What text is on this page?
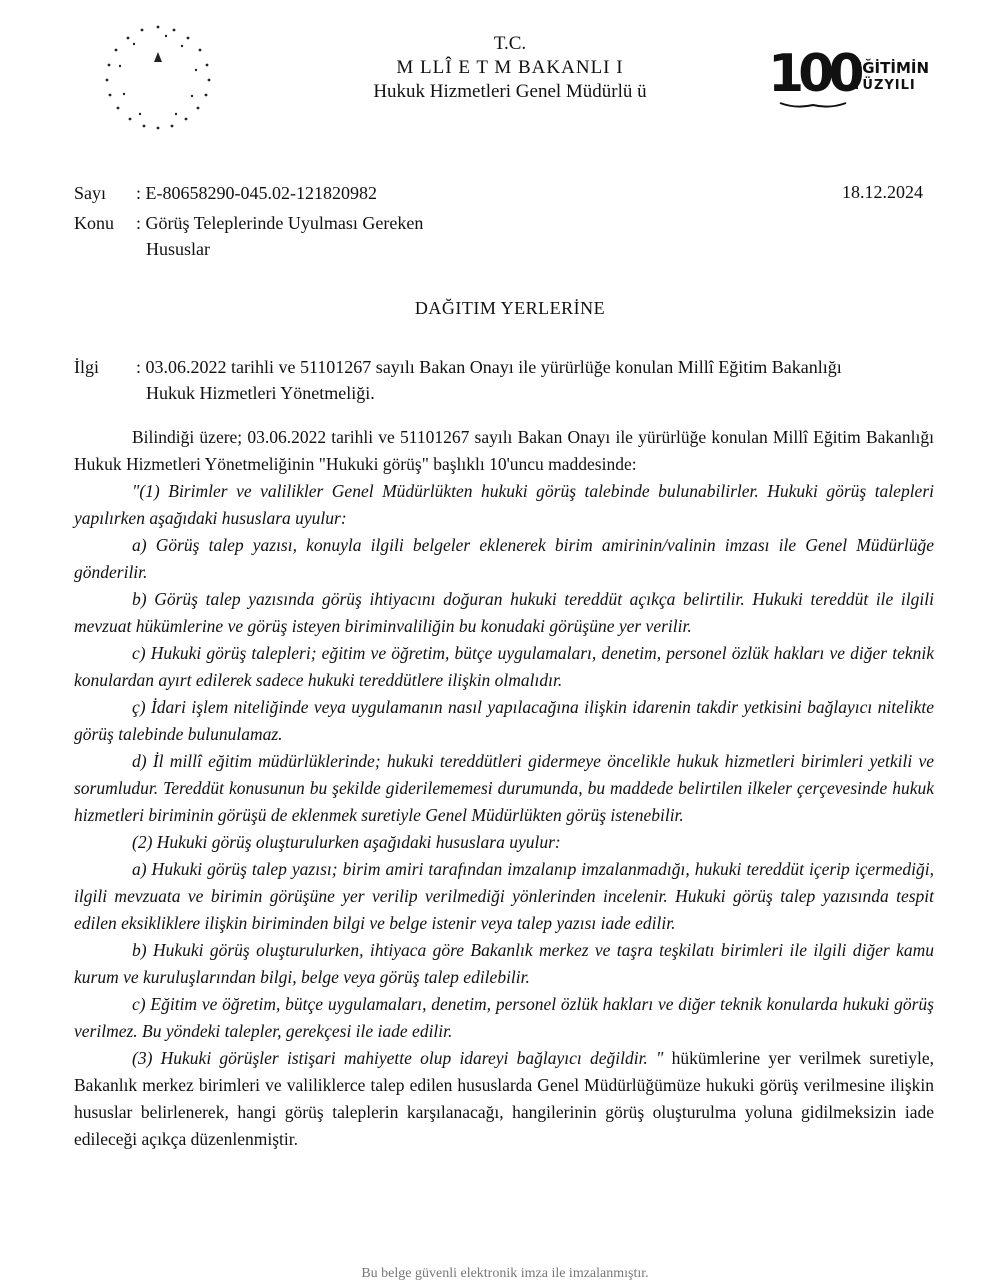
T.C.
M LLÎ E T M BAKANLI I
Hukuk Hizmetleri Genel Müdürlü ü	100
EĞİTİMİN
YÜZYILI
Sayı : E-80658290-045.02-121820982	18.12.2024
Konu : Görüş Teleplerinde Uyulması Gereken
Hususlar
DAĞITIM YERLERİNE
İlgi : 03.06.2022 tarihli ve 51101267 sayılı Bakan Onayı ile yürürlüğe konulan Millî Eğitim Bakanlığı
Hukuk Hizmetleri Yönetmeliği.

Bilindiği üzere; 03.06.2022 tarihli ve 51101267 sayılı Bakan Onayı ile yürürlüğe konulan Millî Eğitim Bakanlığı Hukuk Hizmetleri Yönetmeliğinin "Hukuki görüş" başlıklı 10'uncu maddesinde:

"(1) Birimler ve valilikler Genel Müdürlükten hukuki görüş talebinde bulunabilirler. Hukuki görüş talepleri yapılırken aşağıdaki hususlara uyulur:

a) Görüş talep yazısı, konuyla ilgili belgeler eklenerek birim amirinin/valinin imzası ile Genel Müdürlüğe gönderilir.

b) Görüş talep yazısında görüş ihtiyacını doğuran hukuki tereddüt açıkça belirtilir. Hukuki tereddüt ile ilgili mevzuat hükümlerine ve görüş isteyen biriminvaliliğin bu konudaki görüşüne yer verilir.

c) Hukuki görüş talepleri; eğitim ve öğretim, bütçe uygulamaları, denetim, personel özlük hakları ve diğer teknik konulardan ayırt edilerek sadece hukuki tereddütlere ilişkin olmalıdır.

ç) İdari işlem niteliğinde veya uygulamanın nasıl yapılacağına ilişkin idarenin takdir yetkisini bağlayıcı nitelikte görüş talebinde bulunulamaz.

d) İl millî eğitim müdürlüklerinde; hukuki tereddütleri gidermeye öncelikle hukuk hizmetleri birimleri yetkili ve sorumludur. Tereddüt konusunun bu şekilde giderilememesi durumunda, bu maddede belirtilen ilkeler çerçevesinde hukuk hizmetleri biriminin görüşü de eklenmek suretiyle Genel Müdürlükten görüş istenebilir.

(2) Hukuki görüş oluşturulurken aşağıdaki hususlara uyulur:

a) Hukuki görüş talep yazısı; birim amiri tarafından imzalanıp imzalanmadığı, hukuki tereddüt içerip içermediği, ilgili mevzuata ve birimin görüşüne yer verilip verilmediği yönlerinden incelenir. Hukuki görüş talep yazısında tespit edilen eksikliklere ilişkin biriminden bilgi ve belge istenir veya talep yazısı iade edilir.

b) Hukuki görüş oluşturulurken, ihtiyaca göre Bakanlık merkez ve taşra teşkilatı birimleri ile ilgili diğer kamu kurum ve kuruluşlarından bilgi, belge veya görüş talep edilebilir.

c) Eğitim ve öğretim, bütçe uygulamaları, denetim, personel özlük hakları ve diğer teknik konularda hukuki görüş verilmez. Bu yöndeki talepler, gerekçesi ile iade edilir.

(3) Hukuki görüşler istişari mahiyette olup idareyi bağlayıcı değildir. " hükümlerine yer verilmek suretiyle, Bakanlık merkez birimleri ve valiliklerce talep edilen hususlarda Genel Müdürlüğümüze hukuki görüş verilmesine ilişkin hususlar belirlenerek, hangi görüş taleplerin karşılanacağı, hangilerinin görüş oluşturulma yoluna gidilmeksizin iade edileceği açıkça düzenlenmiştir.

Bu belge güvenli elektronik imza ile imzalanmıştır.
